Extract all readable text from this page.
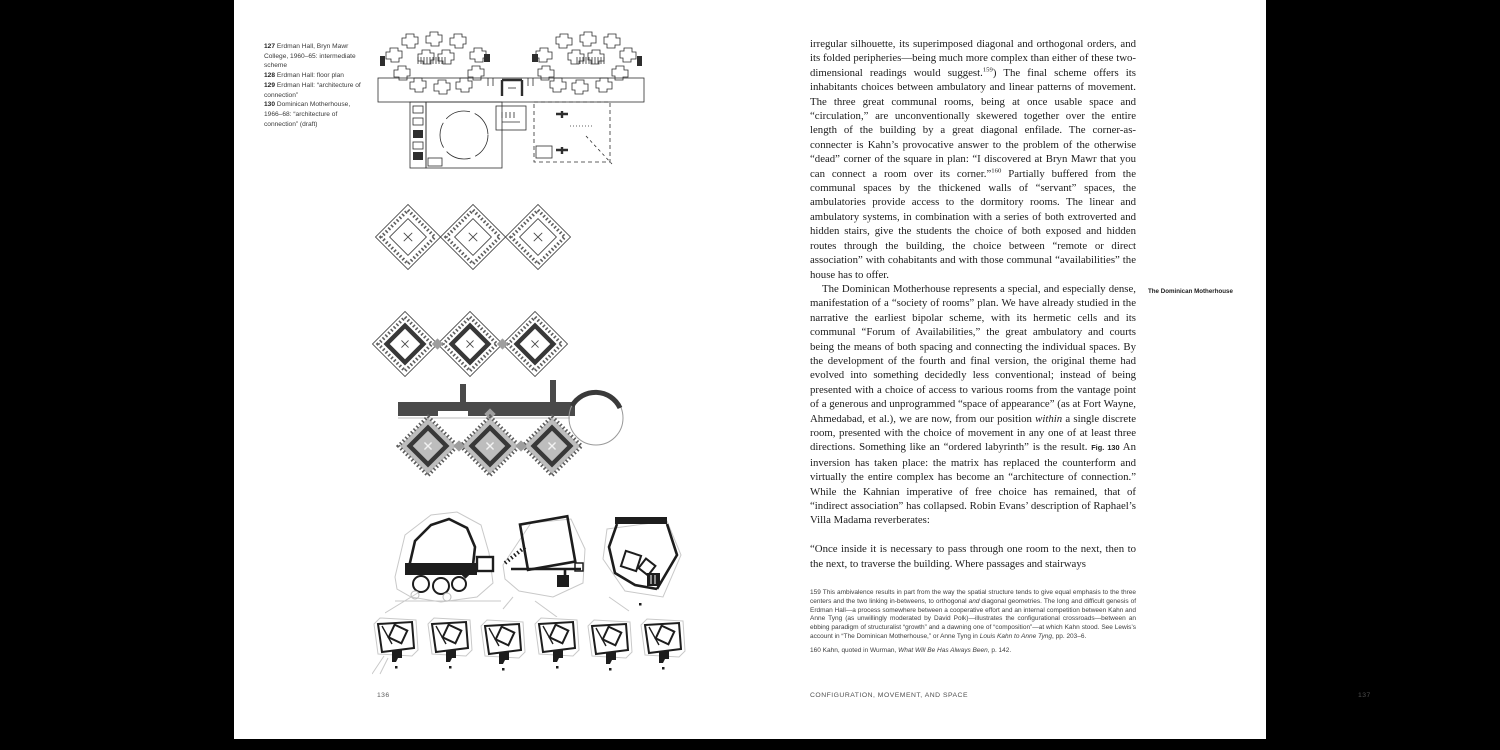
127 Erdman Hall, Bryn Mawr College, 1960–65: intermediate scheme

128 Erdman Hall: floor plan

129 Erdman Hall: “architecture of connection”

130 Dominican Motherhouse, 1966–68: “architecture of connection” (draft)

136

irregular silhouette, its superimposed diagonal and orthogonal orders, and its folded peripheries—being much more complex than either of these two-dimensional readings would suggest.$^{159}$) The final scheme offers its inhabitants choices between ambulatory and linear patterns of movement. The three great communal rooms, being at once usable space and “circulation,” are unconventionally skewered together over the entire length of the building by a great diagonal enfilade. The corner-as-connecter is Kahn’s provocative answer to the problem of the otherwise “dead” corner of the square in plan: “I discovered at Bryn Mawr that you can connect a room over its corner.”$^{160}$ Partially buffered from the communal spaces by the thickened walls of “servant” spaces, the ambulatories provide access to the dormitory rooms. The linear and ambulatory systems, in combination with a series of both extroverted and hidden stairs, give the students the choice of both exposed and hidden routes through the building, the choice between “remote or direct association” with cohabitants and with those communal “availabilities” the house has to offer.

The Dominican Motherhouse represents a special, and especially dense, manifestation of a “society of rooms” plan. We have already studied in the narrative the earliest bipolar scheme, with its hermetic cells and its communal “Forum of Availabilities,” the great ambulatory and courts being the means of both spacing and connecting the individual spaces. By the development of the fourth and final version, the original theme had evolved into something decidedly less conventional; instead of being presented with a choice of access to various rooms from the vantage point of a generous and unprogrammed “space of appearance” (as at Fort Wayne, Ahmedabad, et al.), we are now, from our position within a single discrete room, presented with the choice of movement in any one of at least three directions. Something like an “ordered labyrinth” is the result. Fig. 130 An inversion has taken place: the matrix has replaced the counterform and virtually the entire complex has become an “architecture of connection.” While the Kahnian imperative of free choice has remained, that of “indirect association” has collapsed. Robin Evans’ description of Raphael’s Villa Madama reverberates:

“Once inside it is necessary to pass through one room to the next, then to the next, to traverse the building. Where passages and stairways

The Dominican Motherhouse

159 This ambivalence results in part from the way the spatial structure tends to give equal emphasis to the three centers and the two linking in-betweens, to orthogonal and diagonal geometries. The long and difficult genesis of Erdman Hall—a process somewhere between a cooperative effort and an internal competition between Kahn and Anne Tyng (as unwillingly moderated by David Polk)—illustrates the configurational crossroads—between an ebbing paradigm of structuralist “growth” and a dawning one of “composition”—at which Kahn stood. See Lewis’s account in “The Dominican Motherhouse,” or Anne Tyng in Louis Kahn to Anne Tyng, pp. 203–6.

160 Kahn, quoted in Wurman, What Will Be Has Always Been, p. 142.

CONFIGURATION, MOVEMENT, AND SPACE	137
